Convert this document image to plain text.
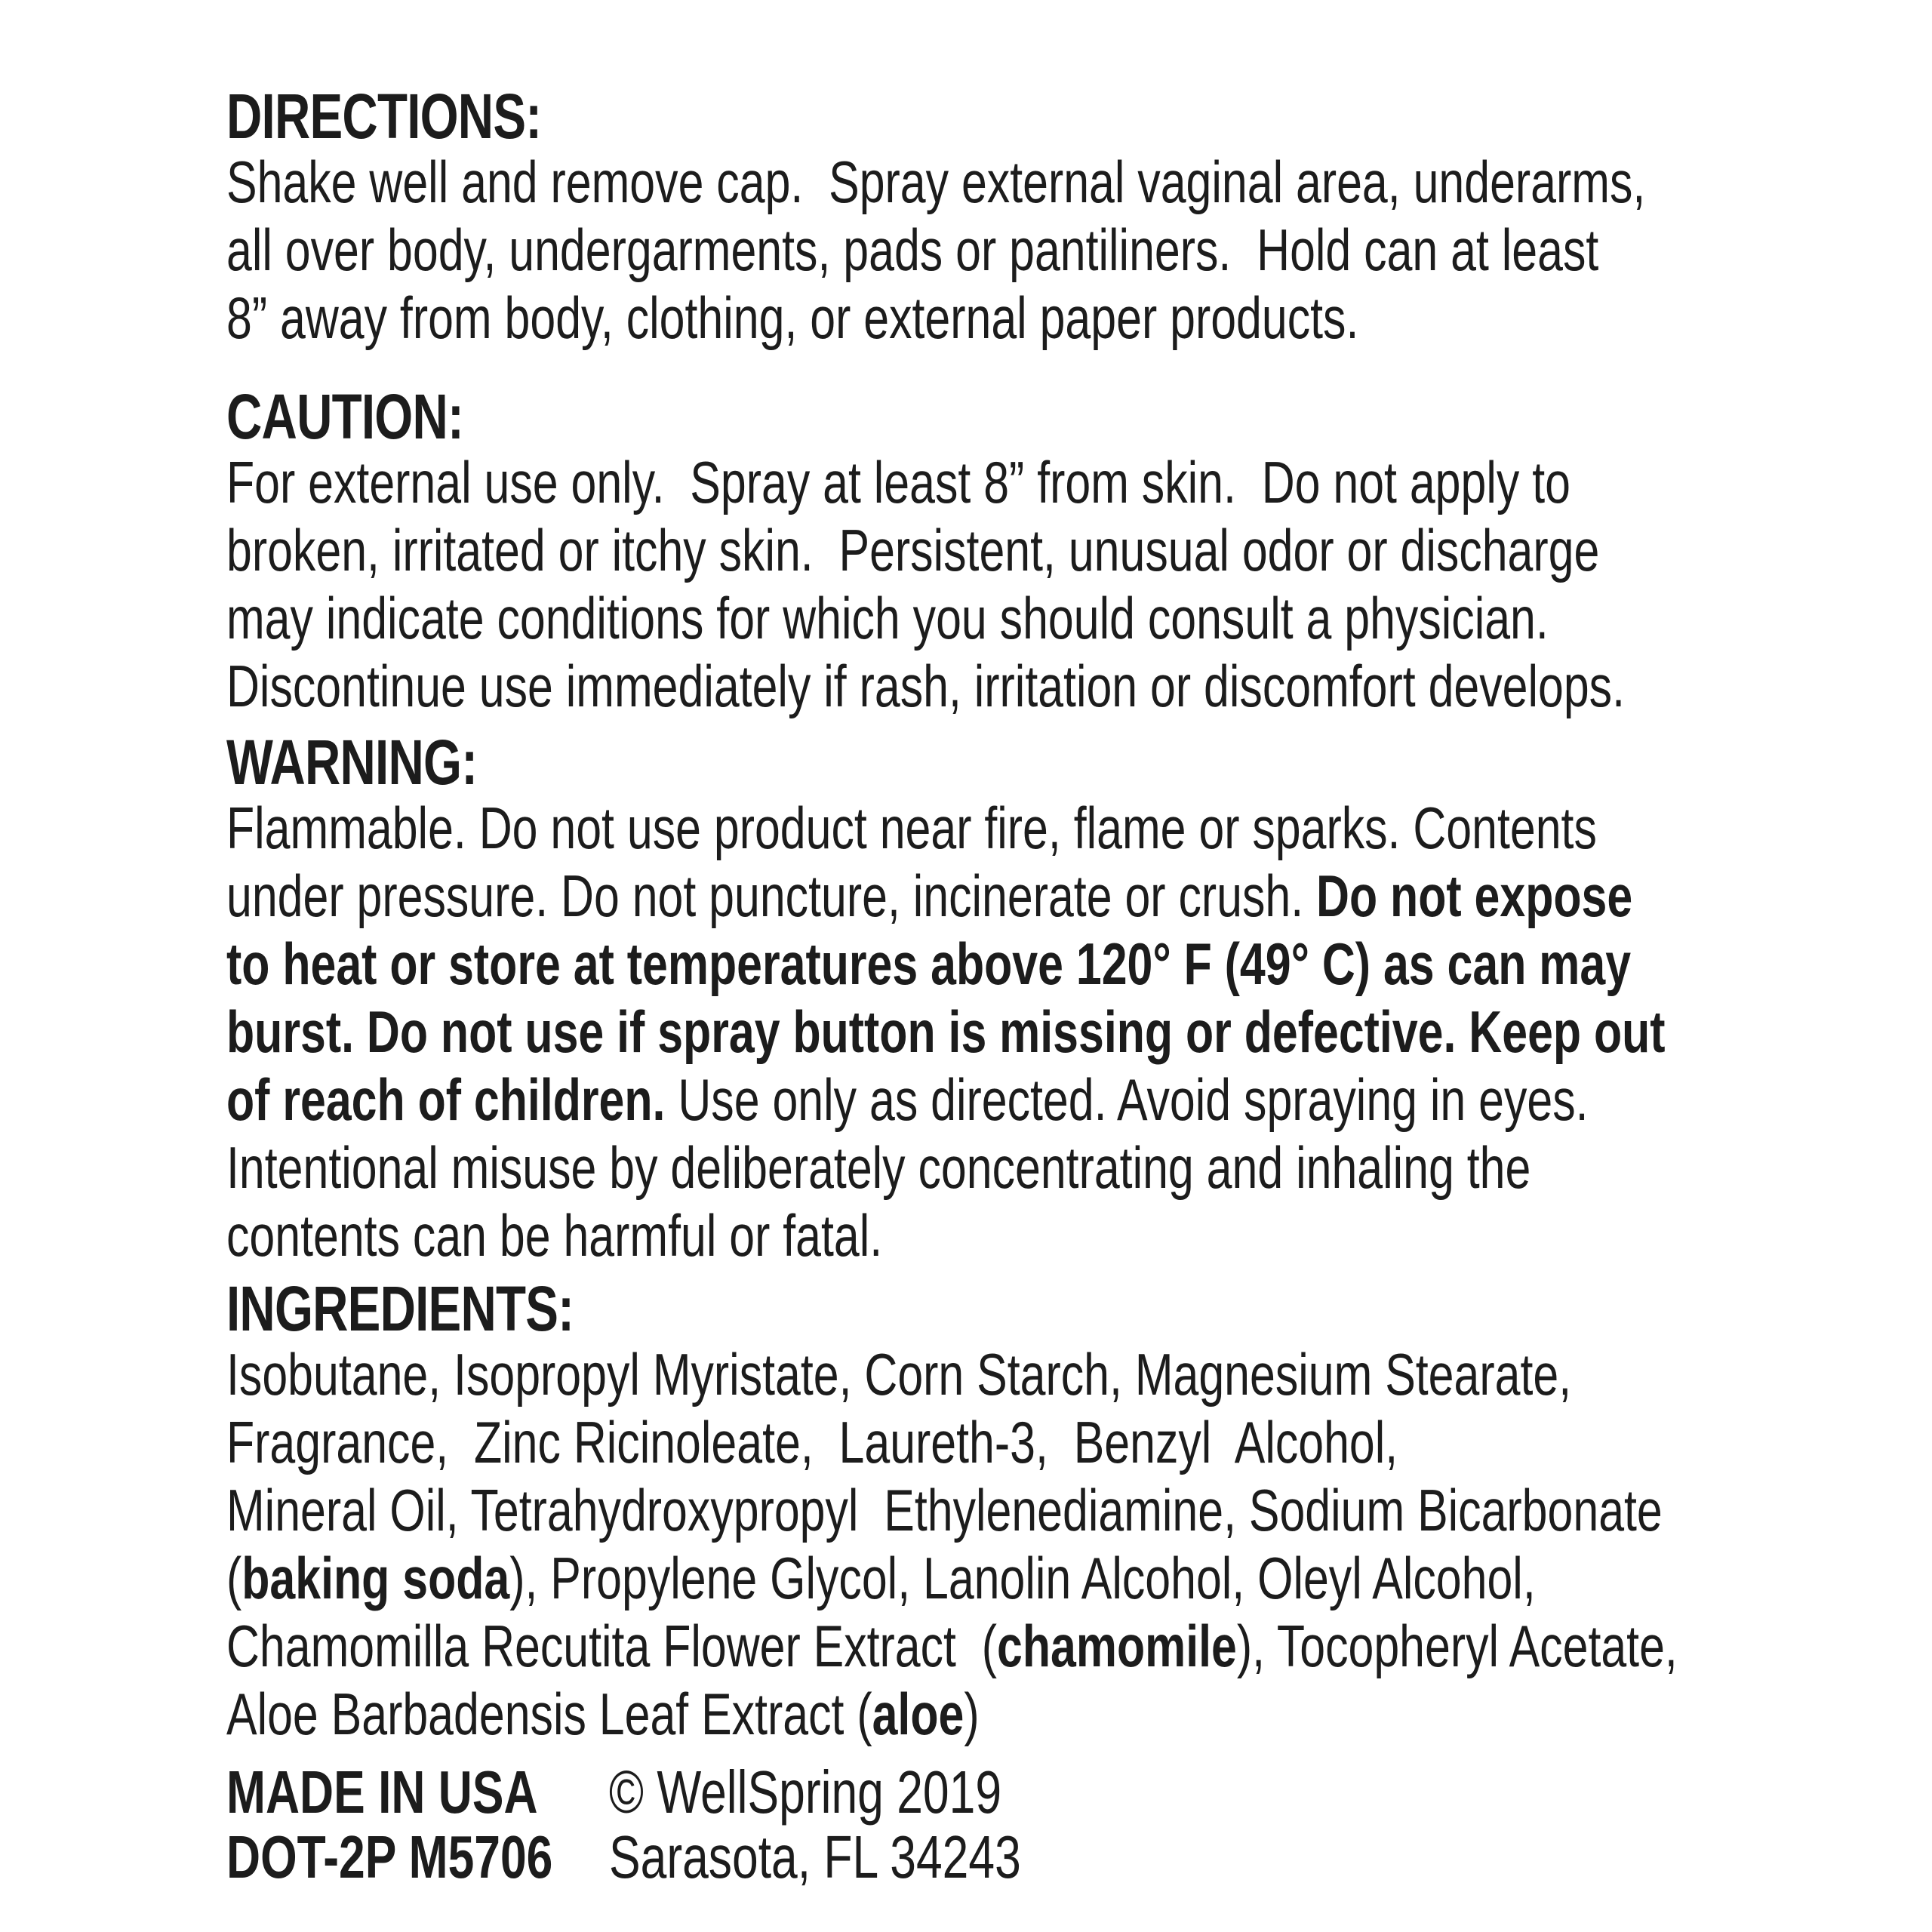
DIRECTIONS:
Shake well and remove cap.  Spray external vaginal area, underarms,
all over body, undergarments, pads or pantiliners.  Hold can at least
8” away from body, clothing, or external paper products.
CAUTION:
For external use only.  Spray at least 8” from skin.  Do not apply to
broken, irritated or itchy skin.  Persistent, unusual odor or discharge
may indicate conditions for which you should consult a physician.
Discontinue use immediately if rash, irritation or discomfort develops.
WARNING:
Flammable. Do not use product near fire, flame or sparks. Contents
under pressure. Do not puncture, incinerate or crush. Do not expose
to heat or store at temperatures above 120° F (49° C) as can may
burst. Do not use if spray button is missing or defective. Keep out
of reach of children. Use only as directed. Avoid spraying in eyes.
Intentional misuse by deliberately concentrating and inhaling the
contents can be harmful or fatal.
INGREDIENTS:
Isobutane, Isopropyl Myristate, Corn Starch, Magnesium Stearate,
Fragrance,  Zinc Ricinoleate,  Laureth-3,  Benzyl  Alcohol,
Mineral Oil, Tetrahydroxypropyl  Ethylenediamine, Sodium Bicarbonate
(baking soda), Propylene Glycol, Lanolin Alcohol, Oleyl Alcohol,
Chamomilla Recutita Flower Extract  (chamomile), Tocopheryl Acetate,
Aloe Barbadensis Leaf Extract (aloe)
MADE IN USA	© WellSpring 2019
DOT-2P M5706 Sarasota, FL 34243
